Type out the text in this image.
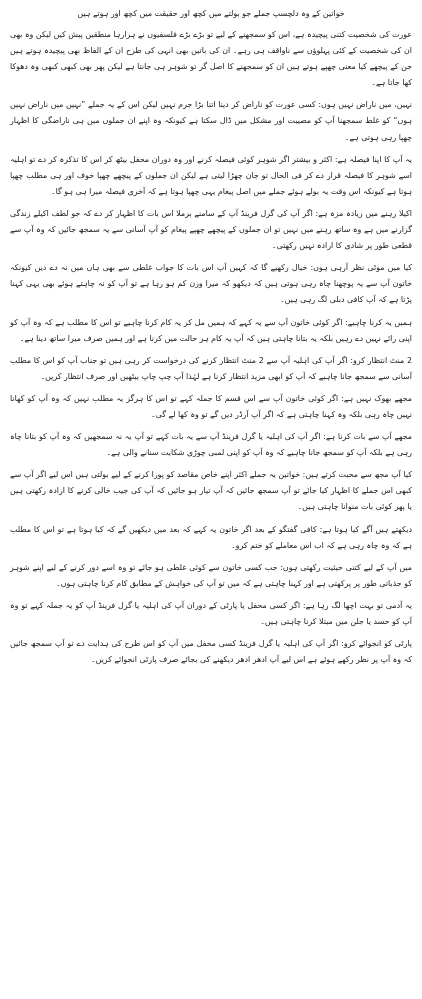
خواتین کے وہ دلچسپ جملے جو بولتے میں کچھ اور حقیقت میں کچھ اور ہوتے ہیں

عورت کی شخصیت کتنی پیچیدہ ہے، اس کو سمجھنے کے لیے تو بڑے بڑے فلسفیوں نے ہزارہا منطقیں پیش کیں لیکن وہ بھی ان کی شخصیت کے کئی پہلوؤں سے ناواقف ہی رہے۔ ان کی باتیں بھی انہی کی طرح ان کے الفاظ بھی پیچیدہ ہوتے ہیں جن کے پیچھے کیا معنی چھپے ہوتے ہیں ان کو سمجھنے کا اصل گر تو شوہر ہی جانتا ہے لیکن پھر بھی کبھی کبھی وہ دھوکا کھا جاتا ہے۔

نہیں، میں ناراض نہیں ہوں: کسی عورت کو ناراض کر دینا اتنا بڑا جرم نہیں لیکن اس کے یہ جملے ”نہیں میں ناراض نہیں ہوں“ کو غلط سمجھنا آپ کو مصیبت اور مشکل میں ڈال سکتا ہے کیونکہ وہ اپنے ان جملوں میں ہی ناراضگی کا اظہار چھپا رہی ہوتی ہے۔

یہ آپ کا اپنا فیصلہ ہے: اکثر و بیشتر اگر شوہر کوئی فیصلہ کرنے اور وہ دوران محفل بیٹھ کر اس کا تذکرہ کر دے تو اہلیہ اسے شوہر کا فیصلہ قرار دے کر فی الحال تو جان چھڑا لیتی ہے لیکن ان جملوں کے پیچھے چھپا خوف اور ہی مطلب چھپا ہوتا ہے کیونکہ اس وقت یہ بولے ہوئے جملے میں اصل پیغام یہی چھپا ہوتا ہے کہ آخری فیصلہ میرا ہی ہو گا۔

اکیلا رہنے میں زیادہ مزہ ہے: اگر آپ کی گرل فرینڈ آپ کے سامنے برملا اس بات کا اظہار کر دے کہ جو لطف اکیلے زندگی گزارنے میں ہے وہ ساتھ رہنے میں نہیں تو ان جملوں کے پیچھے چھپے پیغام کو آپ آسانی سے یہ سمجھ جائیں کہ وہ آپ سے قطعی طور پر شادی کا ارادہ نہیں رکھتی۔

کیا میں موٹی نظر آرہی ہوں: خیال رکھیے گا کہ کہیں آپ اس بات کا جواب غلطی سے بھی ہاں میں نہ دے دیں کیونکہ خاتون آپ سے یہ پوچھنا چاہ رہی ہوتی ہیں کہ دیکھو کہ میرا وزن کم ہو رہا ہے تو آپ کو نہ چاہتے ہوئے بھی یہی کہنا پڑتا ہے کہ آپ کافی دبلی لگ رہی ہیں۔

ہمیں یہ کرنا چاہیے: اگر کوئی خاتون آپ سے یہ کہے کہ ہمیں مل کر یہ کام کرنا چاہیے تو اس کا مطلب ہے کہ وہ آپ کو اپنی رائے نہیں دے رہیں بلکہ یہ بتانا چاہتی ہیں کہ آپ یہ کام ہر حالت میں کرنا ہے اور ہمیں صرف میرا ساتھ دینا ہے۔

2 منٹ انتظار کرو: اگر آپ کی اہلیہ آپ سے 2 منٹ انتظار کرنے کی درخواست کر رہی ہیں تو جناب آپ کو اس کا مطلب آسانی سے سمجھ جانا چاہیے کہ آپ کو ابھی مزید انتظار کرنا ہے لہٰذا آپ چپ چاپ بیٹھیں اور صرف انتظار کریں۔

مجھے بھوک نہیں ہے: اگر کوئی خاتون آپ سے اس قسم کا جملہ کہے تو اس کا ہرگز یہ مطلب نہیں کہ وہ آپ کو کھانا نہیں چاہ رہی بلکہ وہ کہنا چاہتی ہے کہ اگر آپ آرڈر دیں گے تو وہ کھا لے گی۔

مجھے آپ سے بات کرنا ہے: اگر آپ کی اہلیہ یا گرل فرینڈ آپ سے یہ بات کہے تو آپ یہ نہ سمجھیں کہ وہ آپ کو بتانا چاہ رہی ہے بلکہ آپ کو سمجھ جانا چاہیے کہ وہ آپ کو اپنی لمبی چوڑی شکایت سنانے والی ہے۔

کیا آپ مجھ سے محبت کرتے ہیں: خواتین یہ جملے اکثر اپنے خاص مقاصد کو پورا کرنے کے لیے بولتی ہیں اس لیے اگر آپ سے کبھی اس جملے کا اظہار کیا جائے تو آپ سمجھ جائیں کہ آپ تیار ہو جائیں کہ آپ کی جیب خالی کرنے کا ارادہ رکھتی ہیں یا پھر کوئی بات منوانا چاہتی ہیں۔

دیکھتے ہیں آگے کیا ہوتا ہے: کافی گفتگو کے بعد اگر خاتون یہ کہے کہ بعد میں دیکھیں گے کہ کیا ہوتا ہے تو اس کا مطلب ہے کہ وہ چاہ رہی ہے کہ اب اس معاملے کو ختم کرو۔

میں آپ کے لیے کتنی حیثیت رکھتی ہوں: جب کسی خاتون سے کوئی غلطی ہو جائے تو وہ اسے دور کرنے کے لیے اپنے شوہر کو جذباتی طور پر پرکھتی ہے اور کہنا چاہتی ہے کہ میں تو آپ کی خواہش کے مطابق کام کرنا چاہتی ہوں۔

یہ آدمی تو بہت اچھا لگ رہا ہے: اگر کسی محفل یا پارٹی کے دوران آپ کی اہلیہ یا گرل فرینڈ آپ کو یہ جملہ کہے تو وہ آپ کو حسد یا جلن میں مبتلا کرنا چاہتی ہیں۔

پارٹی کو انجوائے کرو: اگر آپ کی اہلیہ یا گرل فرینڈ کسی محفل میں آپ کو اس طرح کی ہدایت دے تو آپ سمجھ جائیں کہ وہ آپ پر نظر رکھے ہوئے ہے اس لیے آپ ادھر ادھر دیکھنے کی بجائے صرف پارٹی انجوائے کریں۔
